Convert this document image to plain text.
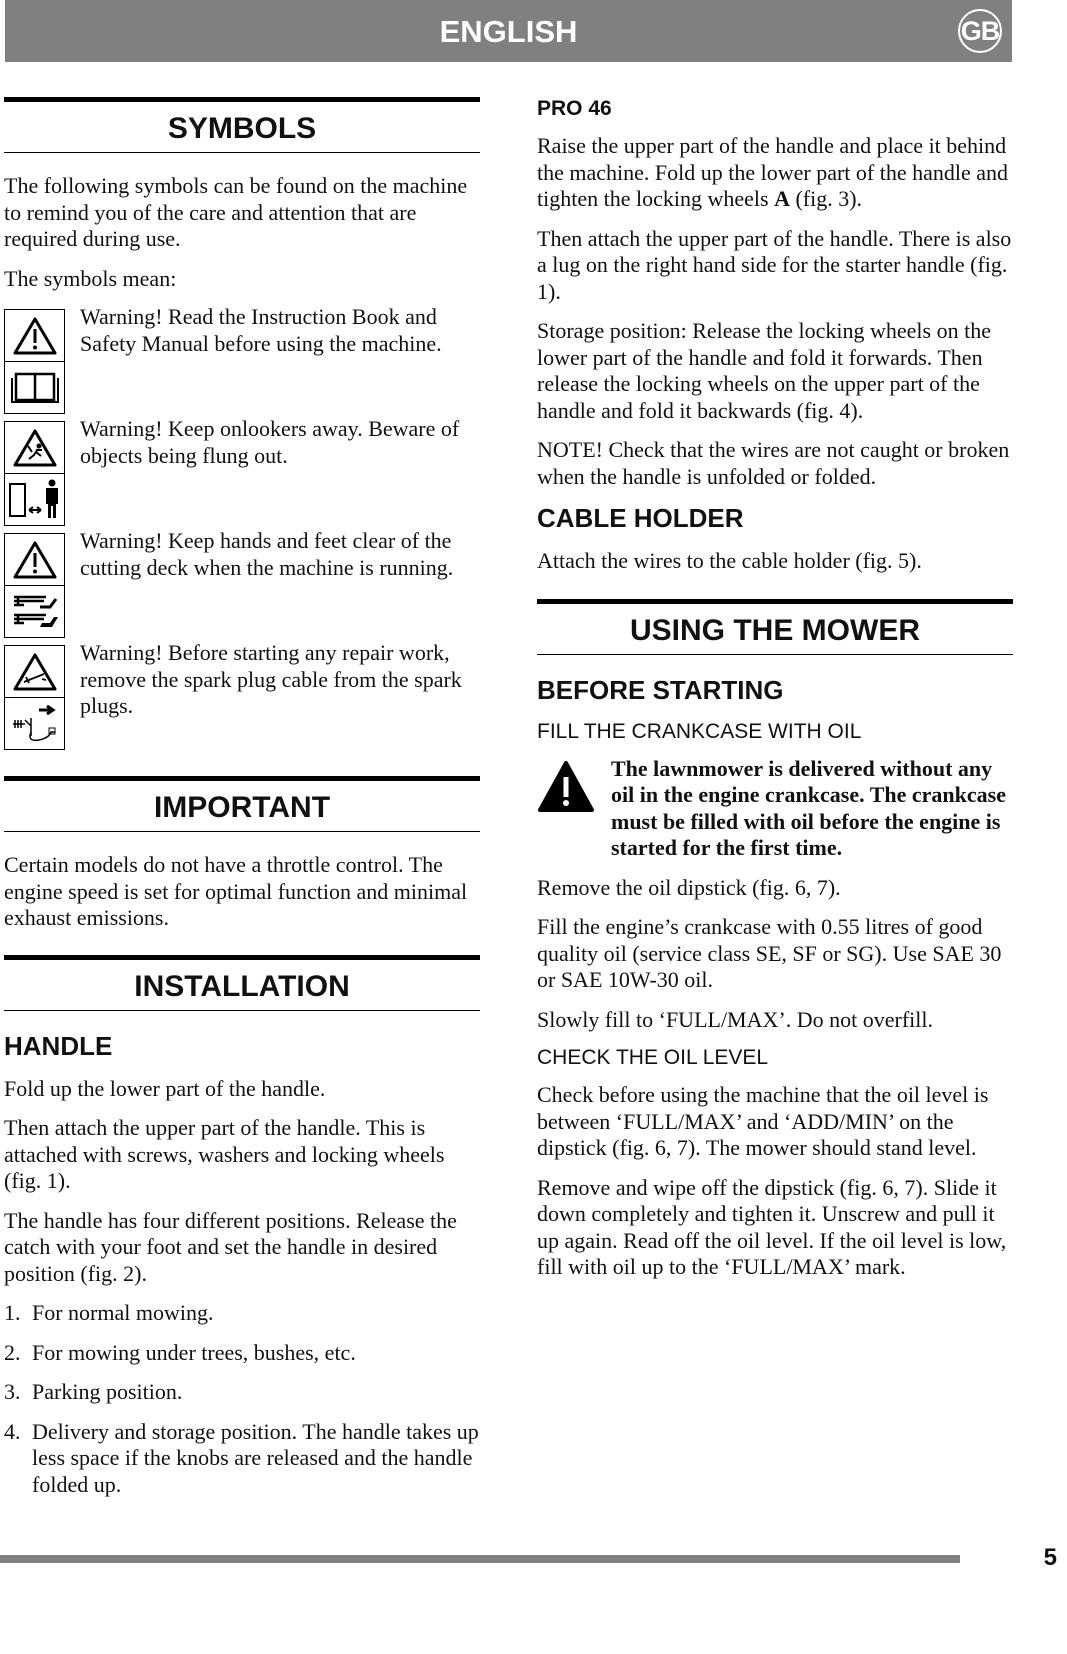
ENGLISH	GB
SYMBOLS

The following symbols can be found on the machine to remind you of the care and attention that are required during use.

The symbols mean:

Warning! Read the Instruction Book and Safety Manual before using the machine.

Warning! Keep onlookers away. Beware of objects being flung out.

Warning! Keep hands and feet clear of the cutting deck when the machine is running.

Warning! Before starting any repair work, remove the spark plug cable from the spark plugs.

IMPORTANT

Certain models do not have a throttle control. The engine speed is set for optimal function and minimal exhaust emissions.

INSTALLATION
HANDLE

Fold up the lower part of the handle.

Then attach the upper part of the handle. This is attached with screws, washers and locking wheels (fig. 1).

The handle has four different positions. Release the catch with your foot and set the handle in desired position (fig. 2).

1. For normal mowing.
2. For mowing under trees, bushes, etc.
3. Parking position.
4. Delivery and storage position. The handle takes up less space if the knobs are released and the handle folded up.
PRO 46

Raise the upper part of the handle and place it behind the machine. Fold up the lower part of the handle and tighten the locking wheels A (fig. 3).

Then attach the upper part of the handle. There is also a lug on the right hand side for the starter handle (fig. 1).

Storage position: Release the locking wheels on the lower part of the handle and fold it forwards. Then release the locking wheels on the upper part of the handle and fold it backwards (fig. 4).

NOTE! Check that the wires are not caught or broken when the handle is unfolded or folded.

CABLE HOLDER

Attach the wires to the cable holder (fig. 5).

USING THE MOWER
BEFORE STARTING
FILL THE CRANKCASE WITH OIL

The lawnmower is delivered without any oil in the engine crankcase. The crankcase must be filled with oil before the engine is started for the first time.

Remove the oil dipstick (fig. 6, 7).

Fill the engine’s crankcase with 0.55 litres of good quality oil (service class SE, SF or SG). Use SAE 30 or SAE 10W-30 oil.

Slowly fill to ‘FULL/MAX’. Do not overfill.

CHECK THE OIL LEVEL

Check before using the machine that the oil level is between ‘FULL/MAX’ and ‘ADD/MIN’ on the dipstick (fig. 6, 7). The mower should stand level.

Remove and wipe off the dipstick (fig. 6, 7). Slide it down completely and tighten it. Unscrew and pull it up again. Read off the oil level. If the oil level is low, fill with oil up to the ‘FULL/MAX’ mark.

5
